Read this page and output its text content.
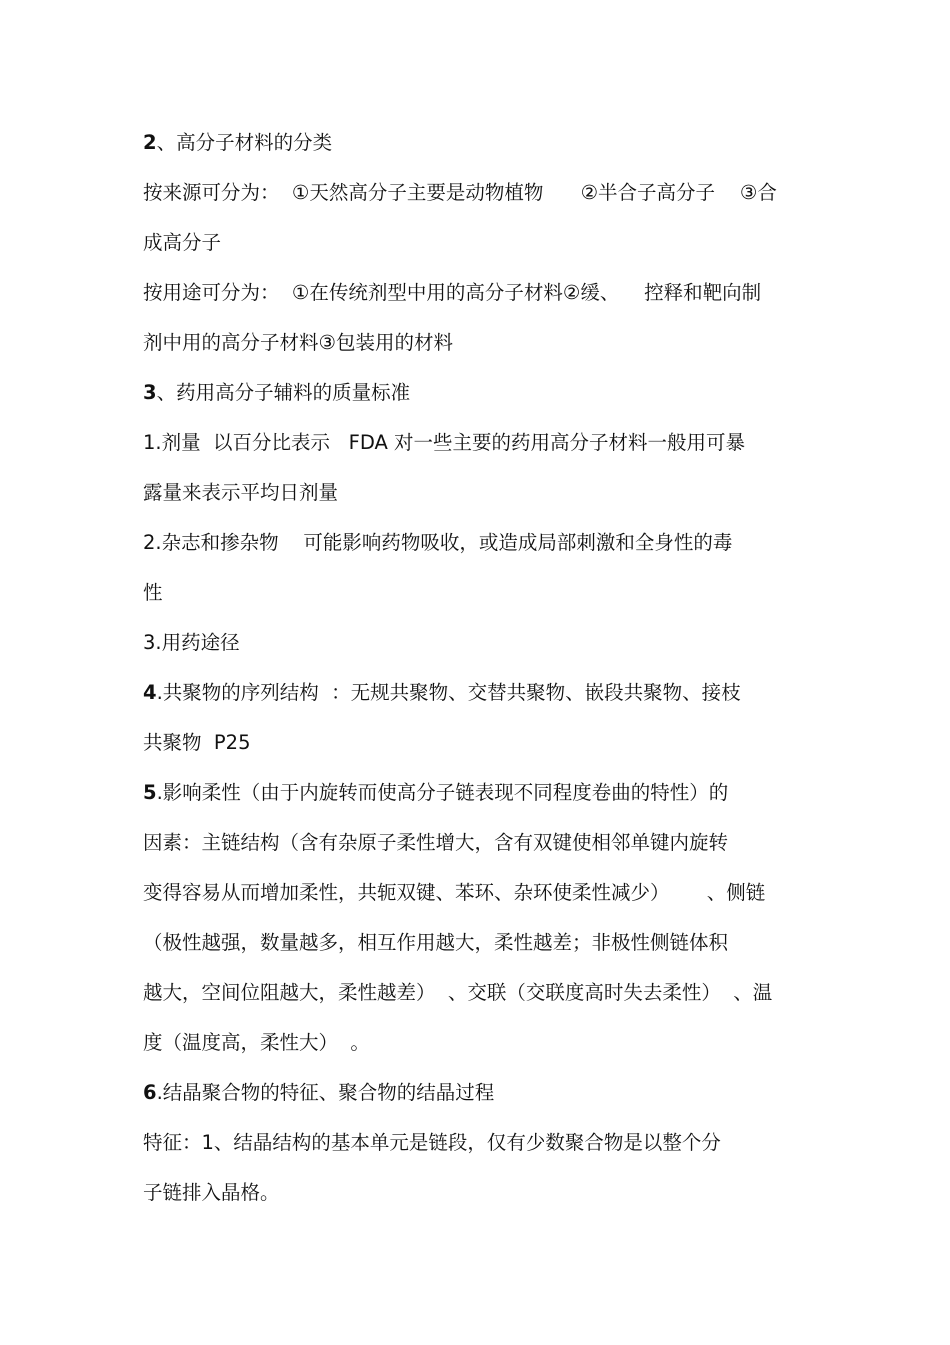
2、高分子材料的分类
按来源可分为：  ①天然高分子主要是动物植物      ②半合子高分子    ③合
成高分子
按用途可分为：  ①在传统剂型中用的高分子材料②缓、    控释和靶向制
剂中用的高分子材料③包装用的材料
3、药用高分子辅料的质量标准
1.剂量  以百分比表示   FDA 对一些主要的药用高分子材料一般用可暴
露量来表示平均日剂量
2.杂志和掺杂物    可能影响药物吸收，或造成局部刺激和全身性的毒
性
3.用药途径
4.共聚物的序列结构  ：无规共聚物、交替共聚物、嵌段共聚物、接枝
共聚物  P25
5.影响柔性（由于内旋转而使高分子链表现不同程度卷曲的特性）的
因素：主链结构（含有杂原子柔性增大，含有双键使相邻单键内旋转
变得容易从而增加柔性，共轭双键、苯环、杂环使柔性减少）      、侧链
（极性越强，数量越多，相互作用越大，柔性越差；非极性侧链体积
越大，空间位阻越大，柔性越差）  、交联（交联度高时失去柔性）  、温
度（温度高，柔性大）  。
6.结晶聚合物的特征、聚合物的结晶过程
特征：1、结晶结构的基本单元是链段，仅有少数聚合物是以整个分
子链排入晶格。
